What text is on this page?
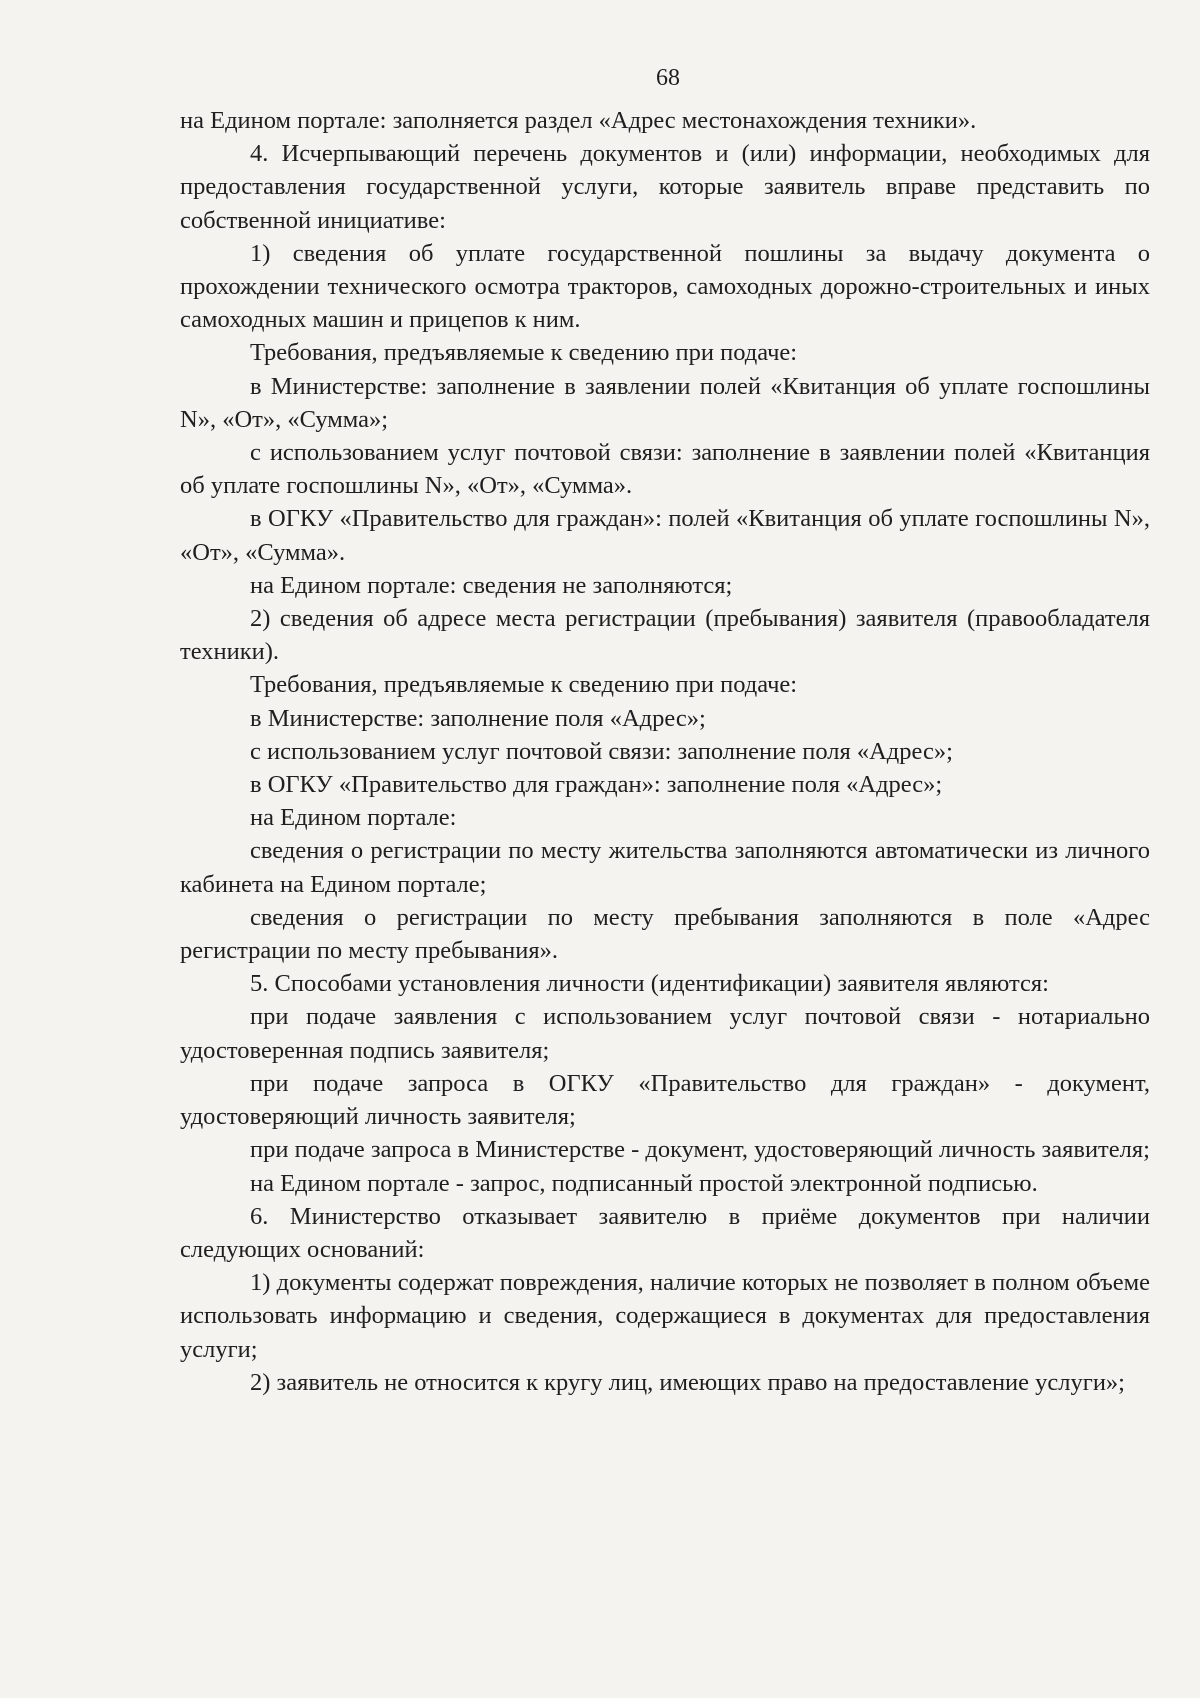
68

на Едином портале: заполняется раздел «Адрес местонахождения техники».

4. Исчерпывающий перечень документов и (или) информации, необходимых для предоставления государственной услуги, которые заявитель вправе представить по собственной инициативе:

1) сведения об уплате государственной пошлины за выдачу документа о прохождении технического осмотра тракторов, самоходных дорожно-строительных и иных самоходных машин и прицепов к ним.

Требования, предъявляемые к сведению при подаче:

в Министерстве: заполнение в заявлении полей «Квитанция об уплате госпошлины N», «От», «Сумма»;

с использованием услуг почтовой связи: заполнение в заявлении полей «Квитанция об уплате госпошлины N», «От», «Сумма».

в ОГКУ «Правительство для граждан»: полей «Квитанция об уплате госпошлины N», «От», «Сумма».

на Едином портале: сведения не заполняются;

2) сведения об адресе места регистрации (пребывания) заявителя (правообладателя техники).

Требования, предъявляемые к сведению при подаче:

в Министерстве: заполнение поля «Адрес»;

с использованием услуг почтовой связи: заполнение поля «Адрес»;

в ОГКУ «Правительство для граждан»: заполнение поля «Адрес»;

на Едином портале:

сведения о регистрации по месту жительства заполняются автоматически из личного кабинета на Едином портале;

сведения о регистрации по месту пребывания заполняются в поле «Адрес регистрации по месту пребывания».

5. Способами установления личности (идентификации) заявителя являются:

при подаче заявления с использованием услуг почтовой связи - нотариально удостоверенная подпись заявителя;

при подаче запроса в ОГКУ «Правительство для граждан» - документ, удостоверяющий личность заявителя;

при подаче запроса в Министерстве - документ, удостоверяющий личность заявителя;

на Едином портале - запрос, подписанный простой электронной подписью.

6. Министерство отказывает заявителю в приёме документов при наличии следующих оснований:

1) документы содержат повреждения, наличие которых не позволяет в полном объеме использовать информацию и сведения, содержащиеся в документах для предоставления услуги;

2) заявитель не относится к кругу лиц, имеющих право на предоставление услуги»;
